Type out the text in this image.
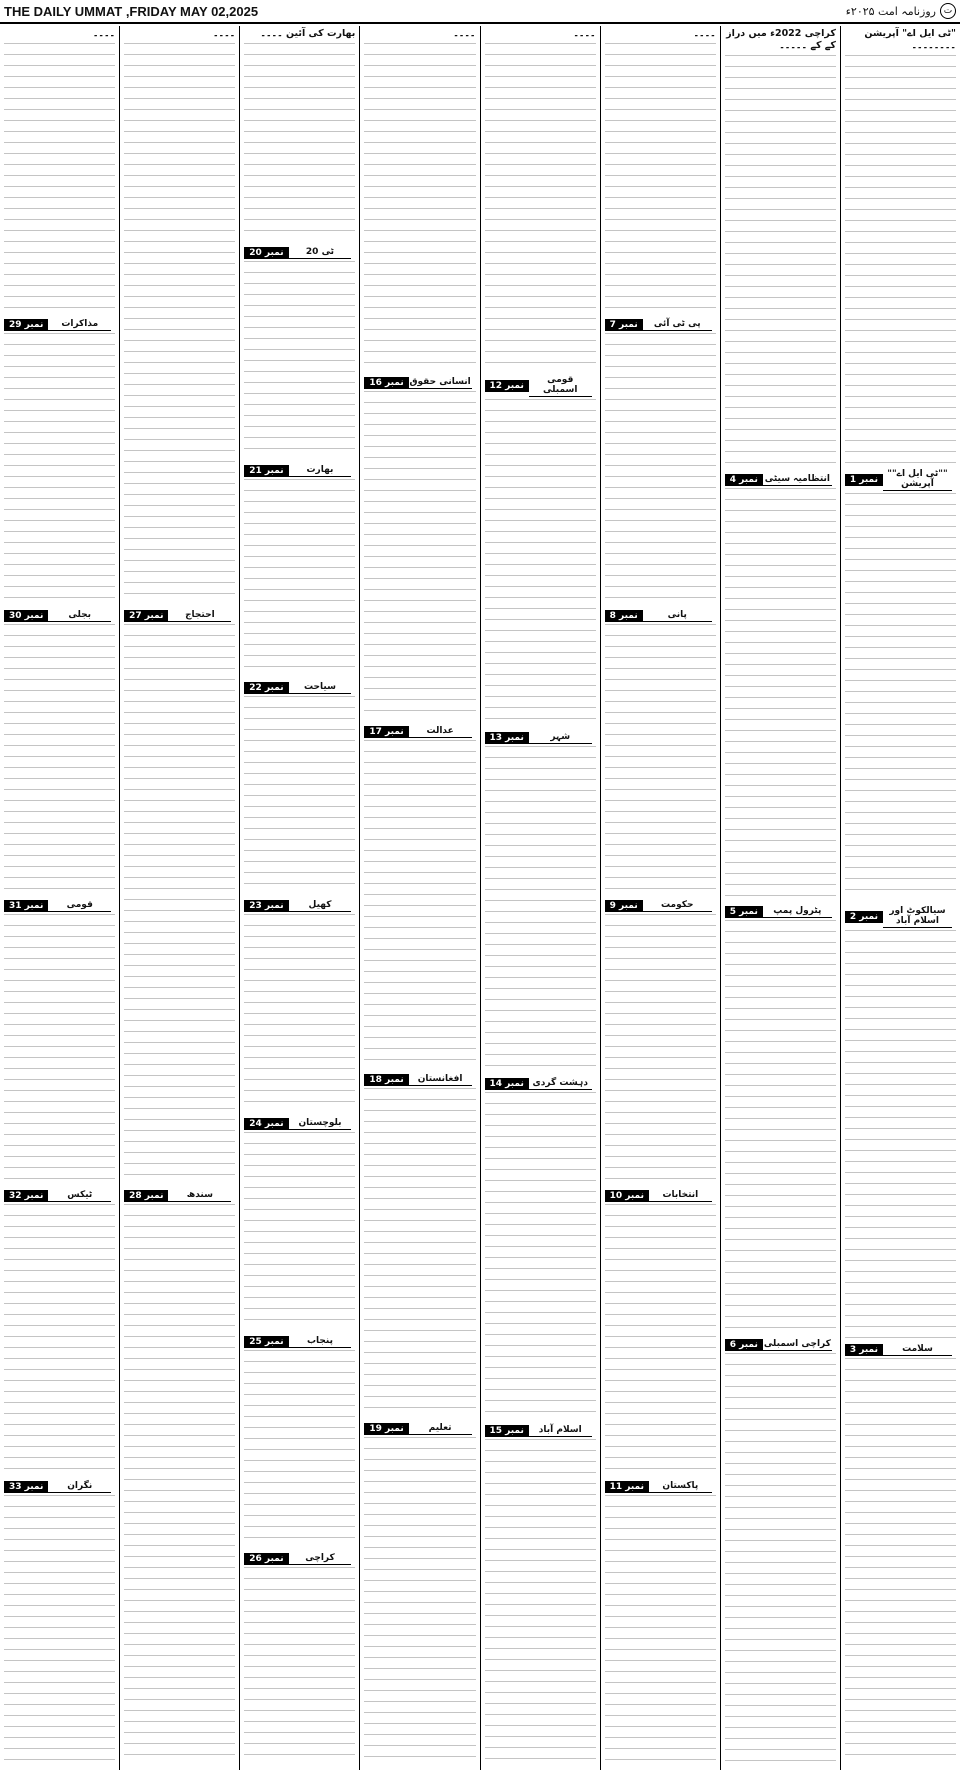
THE DAILY UMMAT ,FRIDAY MAY 02,2025	ت
روزنامہ امت ۲۰۲۵ء
"ٹی ایل اے" آپریشن ۔۔۔۔۔۔۔۔
نمبر 1
""ٹی ایل اے"" آپریشن
نمبر 2
سیالکوٹ اور اسلام آباد
نمبر 3	سلامت
کراچی 2022ء میں دراز کے کے ۔۔۔۔۔
نمبر 4 انتظامیہ سیٹی
نمبر 5	پٹرول پمپ
نمبر 6 کراچی اسمبلی
۔۔۔۔
نمبر 7	پی ٹی آئی
نمبر 8	پانی
نمبر 9	حکومت
نمبر 10	انتخابات
نمبر 11	پاکستان
۔۔۔۔
نمبر 12
قومی اسمبلی
نمبر 13	شہر
نمبر 14 دہشت گردی
نمبر 15	اسلام آباد
۔۔۔۔
نمبر 16 انسانی حقوق
نمبر 17	عدالت
نمبر 18	افغانستان
نمبر 19	تعلیم
بھارت کی آئین ۔۔۔۔
نمبر 20	ٹی 20
نمبر 21	بھارت
نمبر 22	سیاحت
نمبر 23	کھیل
نمبر 24	بلوچستان
نمبر 25	پنجاب
نمبر 26	کراچی
۔۔۔۔
نمبر 27	احتجاج
نمبر 28	سندھ
۔۔۔۔
نمبر 29	مذاکرات
نمبر 30	بجلی
نمبر 31	قومی
نمبر 32	ٹیکس
نمبر 33	نگران
